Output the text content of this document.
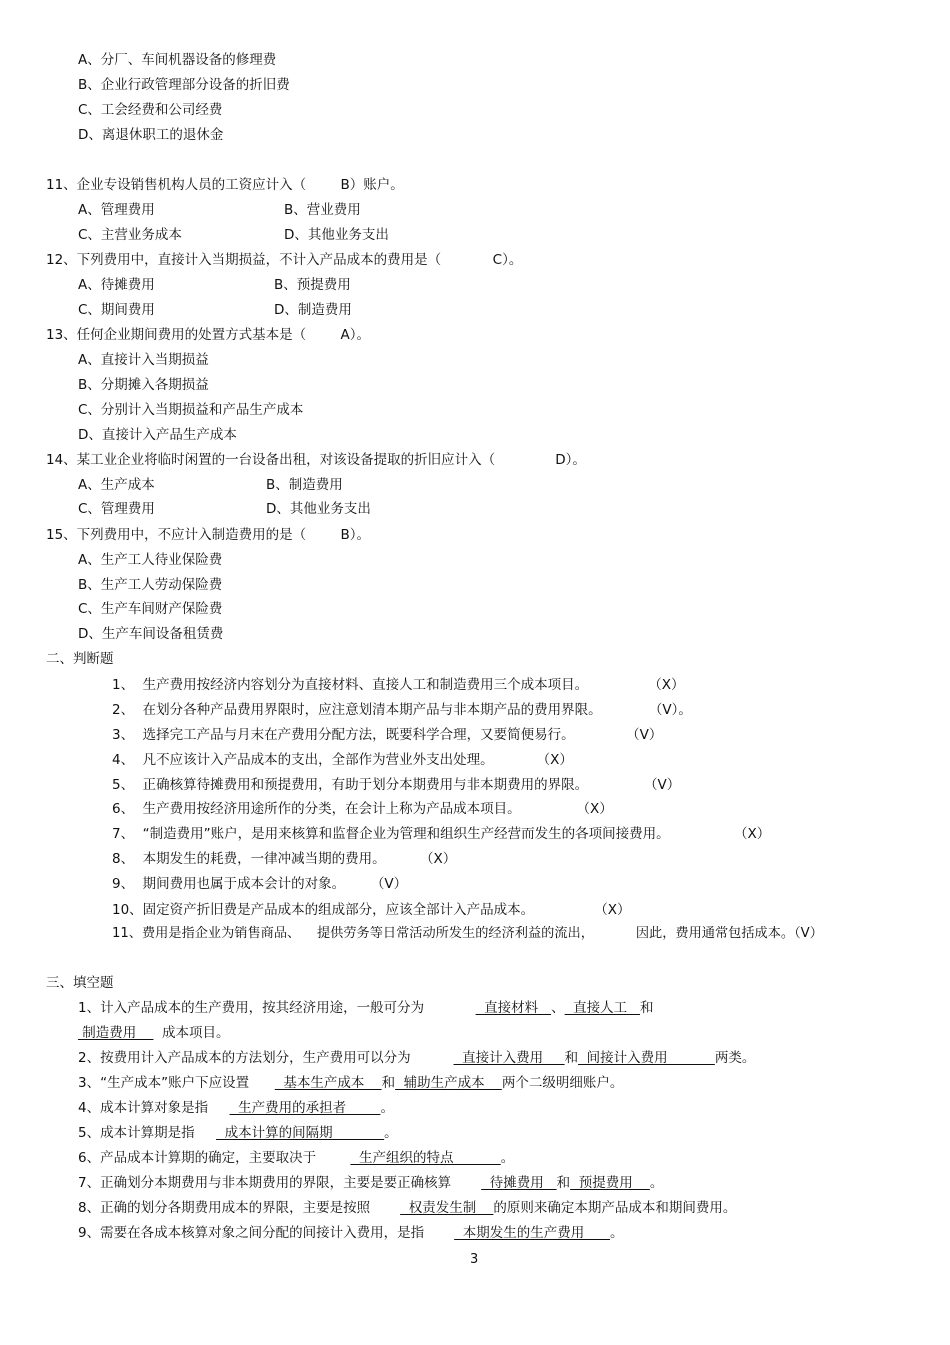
A、分厂、车间机器设备的修理费
B、企业行政管理部分设备的折旧费
C、工会经费和公司经费
D、离退休职工的退休金
11、企业专设销售机构人员的工资应计入（        B）账户。
A、管理费用	B、营业费用
C、主营业务成本	D、其他业务支出
12、下列费用中，直接计入当期损益，不计入产品成本的费用是（            C）。
A、待摊费用	B、预提费用
C、期间费用	D、制造费用
13、任何企业期间费用的处置方式基本是（        A）。
A、直接计入当期损益
B、分期摊入各期损益
C、分别计入当期损益和产品生产成本
D、直接计入产品生产成本
14、某工业企业将临时闲置的一台设备出租，对该设备提取的折旧应计入（              D）。
A、生产成本	B、制造费用
C、管理费用	D、其他业务支出
15、下列费用中，不应计入制造费用的是（        B）。
A、生产工人待业保险费
B、生产工人劳动保险费
C、生产车间财产保险费
D、生产车间设备租赁费
二、判断题
1、  生产费用按经济内容划分为直接材料、直接人工和制造费用三个成本项目。              （X）
2、  在划分各种产品费用界限时，应注意划清本期产品与非本期产品的费用界限。           （V）。
3、  选择完工产品与月末在产费用分配方法，既要科学合理，又要简便易行。            （V）
4、  凡不应该计入产品成本的支出，全部作为营业外支出处理。          （X）
5、  正确核算待摊费用和预提费用，有助于划分本期费用与非本期费用的界限。             （V）
6、  生产费用按经济用途所作的分类，在会计上称为产品成本项目。             （X）
7、  “制造费用”账户，是用来核算和监督企业为管理和组织生产经营而发生的各项间接费用。               （X）
8、  本期发生的耗费，一律冲减当期的费用。        （X）
9、  期间费用也属于成本会计的对象。      （V）
10、固定资产折旧费是产品成本的组成部分，应该全部计入产品成本。              （X）
11、费用是指企业为销售商品、    提供劳务等日常活动所发生的经济利益的流出，          因此，费用通常包括成本。（V）
三、填空题
1、计入产品成本的生产费用，按其经济用途，一般可分为              直接材料   、  直接人工   和
制造费用      成本项目。
2、按费用计入产品成本的方法划分，生产费用可以分为            直接计入费用     和  间接计入费用           两类。
3、“生产成本”账户下应设置        基本生产成本    和  辅助生产成本    两个二级明细账户。
4、成本计算对象是指       生产费用的承担者        。
5、成本计算期是指       成本计算的间隔期            。
6、产品成本计算期的确定，主要取决于          生产组织的特点           。
7、正确划分本期费用与非本期费用的界限，主要是要正确核算         待摊费用   和  预提费用    。
8、正确的划分各期费用成本的界限，主要是按照         权责发生制    的原则来确定本期产品成本和期间费用。
9、需要在各成本核算对象之间分配的间接计入费用，是指         本期发生的生产费用      。
3
